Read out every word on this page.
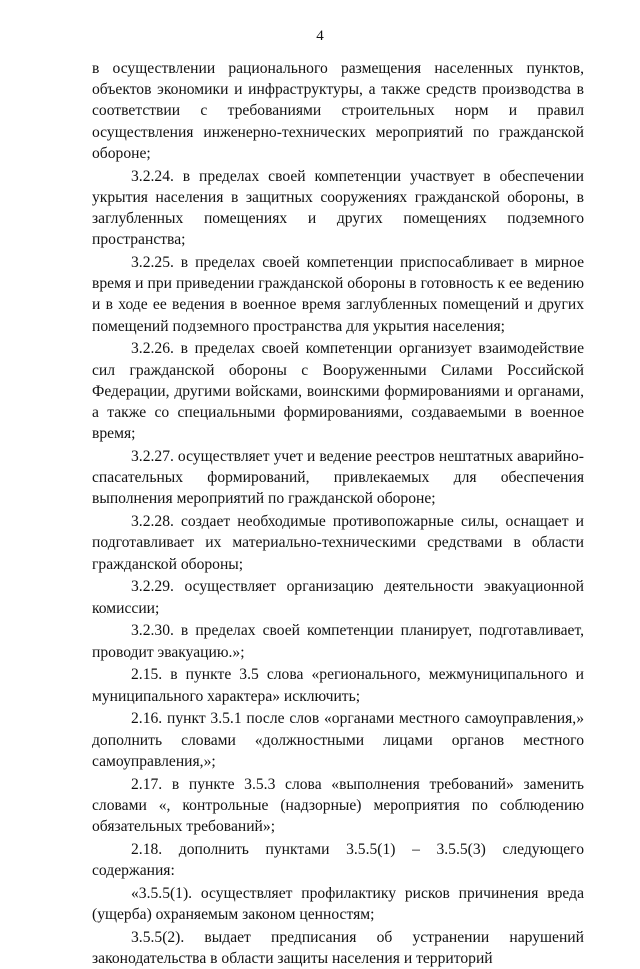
4

в осуществлении рационального размещения населенных пунктов, объектов экономики и инфраструктуры, а также средств производства в соответствии с требованиями строительных норм и правил осуществления инженерно-технических мероприятий по гражданской обороне;

3.2.24. в пределах своей компетенции участвует в обеспечении укрытия населения в защитных сооружениях гражданской обороны, в заглубленных помещениях и других помещениях подземного пространства;

3.2.25. в пределах своей компетенции приспосабливает в мирное время и при приведении гражданской обороны в готовность к ее ведению и в ходе ее ведения в военное время заглубленных помещений и других помещений подземного пространства для укрытия населения;

3.2.26. в пределах своей компетенции организует взаимодействие сил гражданской обороны с Вооруженными Силами Российской Федерации, другими войсками, воинскими формированиями и органами, а также со специальными формированиями, создаваемыми в военное время;

3.2.27. осуществляет учет и ведение реестров нештатных аварийно-спасательных формирований, привлекаемых для обеспечения выполнения мероприятий по гражданской обороне;

3.2.28. создает необходимые противопожарные силы, оснащает и подготавливает их материально-техническими средствами в области гражданской обороны;

3.2.29. осуществляет организацию деятельности эвакуационной комиссии;

3.2.30. в пределах своей компетенции планирует, подготавливает, проводит эвакуацию.»;

2.15. в пункте 3.5 слова «регионального, межмуниципального и муниципального характера» исключить;

2.16. пункт 3.5.1 после слов «органами местного самоуправления,» дополнить словами «должностными лицами органов местного самоуправления,»;

2.17. в пункте 3.5.3 слова «выполнения требований» заменить словами «, контрольные (надзорные) мероприятия по соблюдению обязательных требований»;

2.18. дополнить пунктами 3.5.5(1) – 3.5.5(3) следующего содержания:

«3.5.5(1). осуществляет профилактику рисков причинения вреда (ущерба) охраняемым законом ценностям;

3.5.5(2). выдает предписания об устранении нарушений законодательства в области защиты населения и территорий
